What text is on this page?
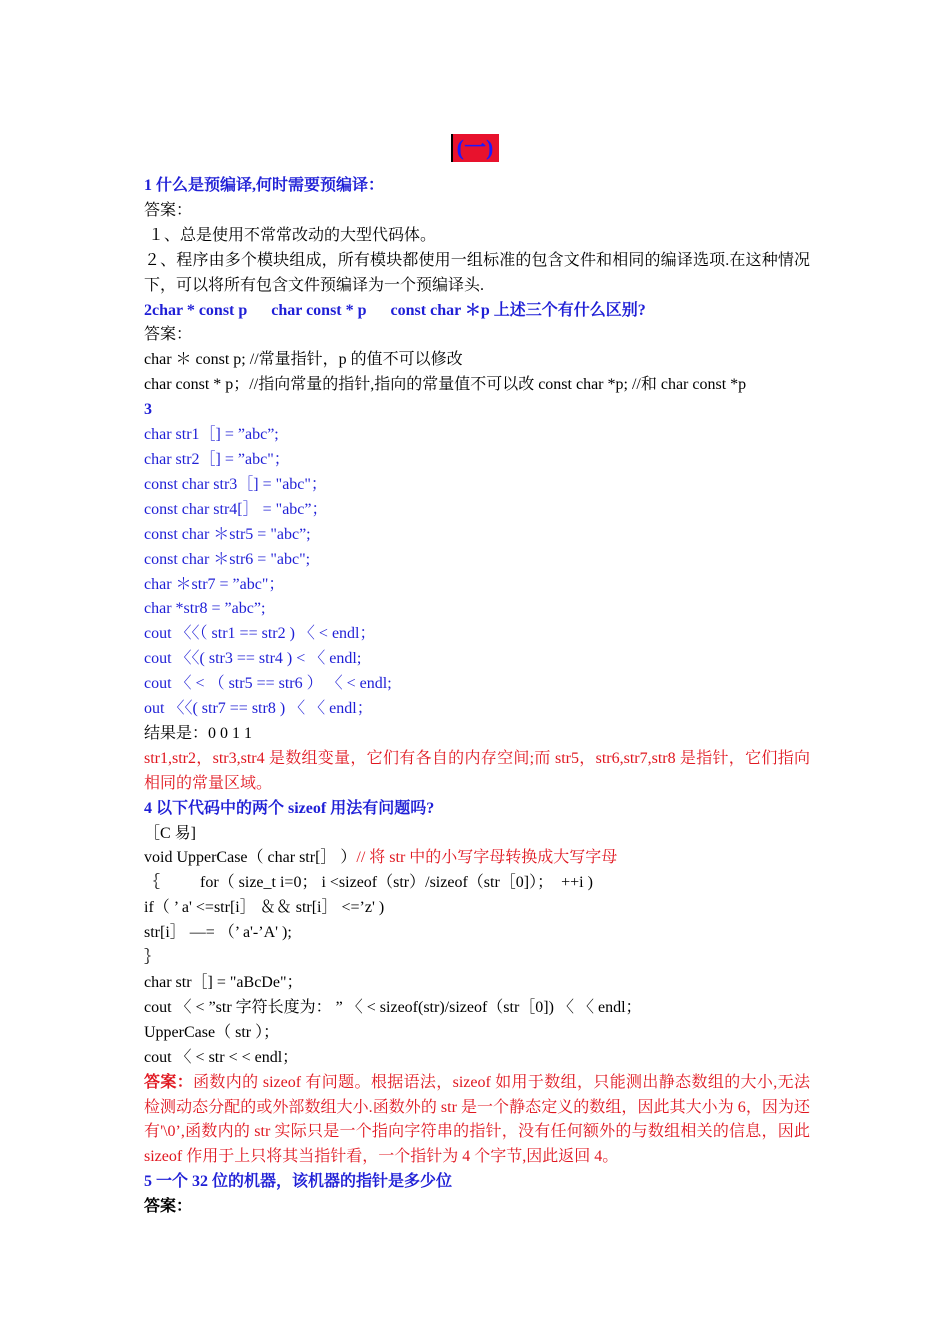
(一)
1 什么是预编译,何时需要预编译：
答案：
１、总是使用不常常改动的大型代码体。
２、程序由多个模块组成，所有模块都使用一组标准的包含文件和相同的编译选项.在这种情况下，可以将所有包含文件预编译为一个预编译头.
2char * const p      char const * p      const char ＊p 上述三个有什么区别?
答案：
char ＊ const p; //常量指针，p 的值不可以修改
char const * p；//指向常量的指针,指向的常量值不可以改 const char *p; //和 char const *p
3
char str1［] = ”abc”;
char str2［] = ”abc"；
const char str3［] = "abc"；
const char str4[］ = "abc”；
const char ＊str5 = "abc”;
const char ＊str6 = "abc";
char ＊str7 = ”abc"；
char *str8 = ”abc”;
cout 〈〈（ str1 == str2 ) 〈 < endl；
cout 〈〈( str3 == str4 ) < 〈 endl;
cout 〈 < （ str5 == str6 ） 〈 < endl;
out 〈〈( str7 == str8 ) 〈 〈 endl；
结果是：0 0 1 1
str1,str2，str3,str4 是数组变量，它们有各自的内存空间;而 str5，str6,str7,str8 是指针，它们指向相同的常量区域。
4 以下代码中的两个 sizeof 用法有问题吗?
［C 易]
void UpperCase（ char str[］ ）// 将 str 中的小写字母转换成大写字母
｛          for（ size_t i=0； i <sizeof（str）/sizeof（str［0]）；  ++i )
if（ ’ a' <=str[i］ ＆＆ str[i］ <=’z' )
str[i］ —= （’ a'-’A' );
｝
char str［] = "aBcDe"；
cout 〈 < ”str 字符长度为： ” 〈 < sizeof(str)/sizeof（str［0]) 〈 〈 endl；
UpperCase（ str ）；
cout 〈 < str < < endl；
答案：函数内的 sizeof 有问题。根据语法，sizeof 如用于数组，只能测出静态数组的大小,无法检测动态分配的或外部数组大小.函数外的 str 是一个静态定义的数组，因此其大小为 6，因为还有'\0’,函数内的 str 实际只是一个指向字符串的指针，没有任何额外的与数组相关的信息，因此 sizeof 作用于上只将其当指针看，一个指针为 4 个字节,因此返回 4。
5 一个 32 位的机器，该机器的指针是多少位
答案：
